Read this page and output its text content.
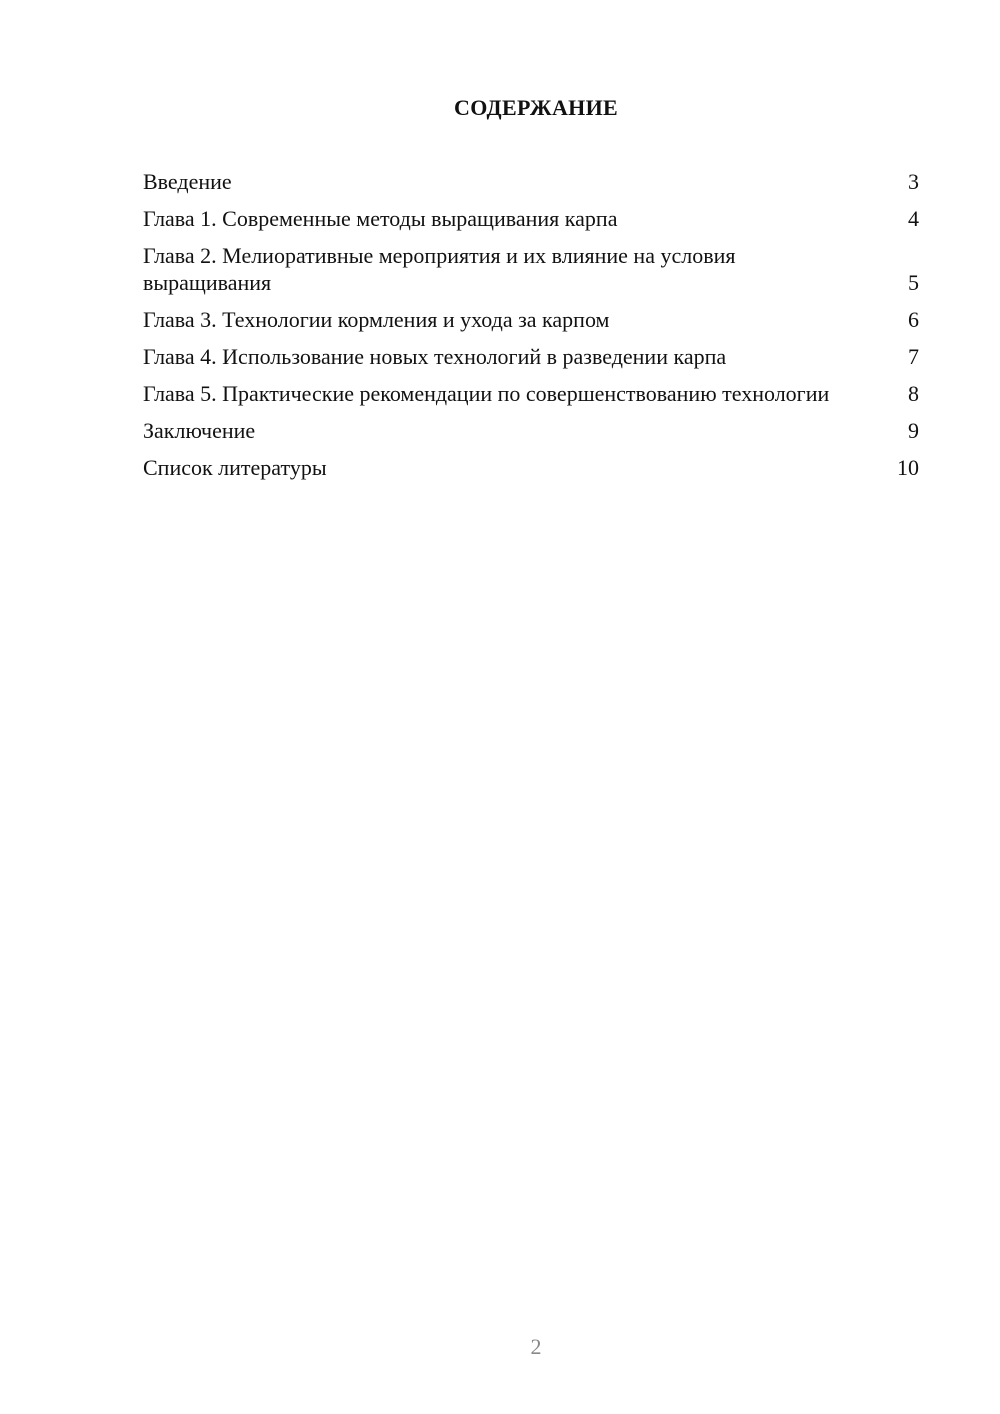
СОДЕРЖАНИЕ
Введение	3
Глава 1. Современные методы выращивания карпа	4
Глава 2. Мелиоративные мероприятия и их влияние на условия выращивания	5
Глава 3. Технологии кормления и ухода за карпом	6
Глава 4. Использование новых технологий в разведении карпа	7
Глава 5. Практические рекомендации по совершенствованию технологии	8
Заключение	9
Список литературы	10
2
